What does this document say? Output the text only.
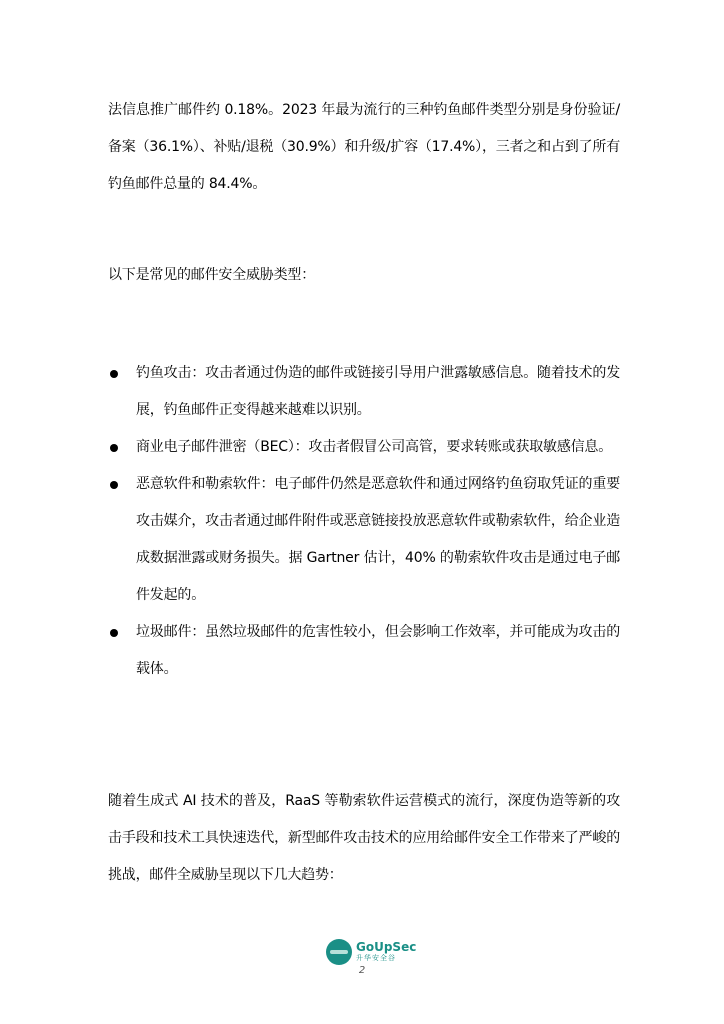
法信息推广邮件约 0.18%。2023 年最为流行的三种钓鱼邮件类型分别是身份验证/备案（36.1%）、补贴/退税（30.9%）和升级/扩容（17.4%），三者之和占到了所有钓鱼邮件总量的 84.4%。

以下是常见的邮件安全威胁类型：

钓鱼攻击：攻击者通过伪造的邮件或链接引导用户泄露敏感信息。随着技术的发展，钓鱼邮件正变得越来越难以识别。
商业电子邮件泄密（BEC）：攻击者假冒公司高管，要求转账或获取敏感信息。
恶意软件和勒索软件：电子邮件仍然是恶意软件和通过网络钓鱼窃取凭证的重要攻击媒介，攻击者通过邮件附件或恶意链接投放恶意软件或勒索软件，给企业造成数据泄露或财务损失。据 Gartner 估计，40% 的勒索软件攻击是通过电子邮件发起的。
垃圾邮件：虽然垃圾邮件的危害性较小，但会影响工作效率，并可能成为攻击的载体。

随着生成式 AI 技术的普及，RaaS 等勒索软件运营模式的流行，深度伪造等新的攻击手段和技术工具快速迭代，新型邮件攻击技术的应用给邮件安全工作带来了严峻的挑战，邮件全威胁呈现以下几大趋势：

GoUpSec
升华安全谷
2
